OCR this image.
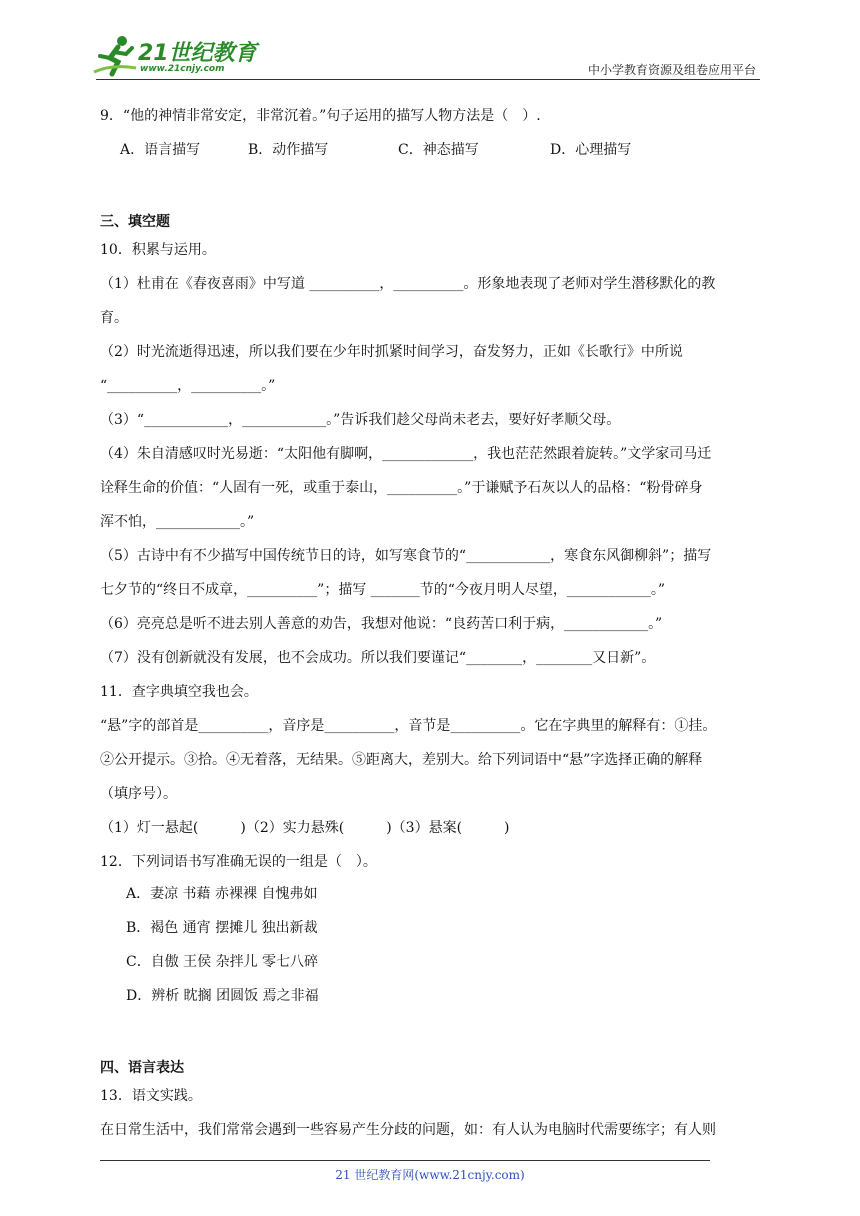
21世纪教育
www.21cnjy.com	中小学教育资源及组卷应用平台
9．“他的神情非常安定，非常沉着。”句子运用的描写人物方法是（　）.
A．语言描写	B．动作描写	C．神态描写	D．心理描写
三、填空题
10．积累与运用。
（1）杜甫在《春夜喜雨》中写道 __________，__________。形象地表现了老师对学生潜移默化的教
育。
（2）时光流逝得迅速，所以我们要在少年时抓紧时间学习，奋发努力，正如《长歌行》中所说
“__________，__________。”
（3）“____________，____________。”告诉我们趁父母尚未老去，要好好孝顺父母。
（4）朱自清感叹时光易逝：“太阳他有脚啊，_____________，我也茫茫然跟着旋转。”文学家司马迁
诠释生命的价值：“人固有一死，或重于泰山，__________。”于谦赋予石灰以人的品格：“粉骨碎身
浑不怕，____________。”
（5）古诗中有不少描写中国传统节日的诗，如写寒食节的“____________，寒食东风御柳斜”；描写
七夕节的“终日不成章，__________”；描写 _______节的“今夜月明人尽望，____________。”
（6）亮亮总是听不进去别人善意的劝告，我想对他说：“良药苦口利于病，____________。”
（7）没有创新就没有发展，也不会成功。所以我们要谨记“________，________又日新”。
11．查字典填空我也会。
“悬”字的部首是__________，音序是__________，音节是__________。它在字典里的解释有：①挂。
②公开提示。③拾。④无着落，无结果。⑤距离大，差别大。给下列词语中“悬”字选择正确的解释
（填序号）。
（1）灯一悬起(　　　)（2）实力悬殊(　　　)（3）悬案(　　　)
12．下列词语书写准确无误的一组是（　）。
A．妻凉 书藉 赤裸裸 自愧弗如
B．褐色 通宵 摆摊儿 独出新裁
C．自傲 王侯 杂拌儿 零七八碎
D．辨析 眈搁 团圆饭 焉之非福
四、语言表达
13．语文实践。
在日常生活中，我们常常会遇到一些容易产生分歧的问题，如：有人认为电脑时代需要练字；有人则
21 世纪教育网(www.21cnjy.com)
